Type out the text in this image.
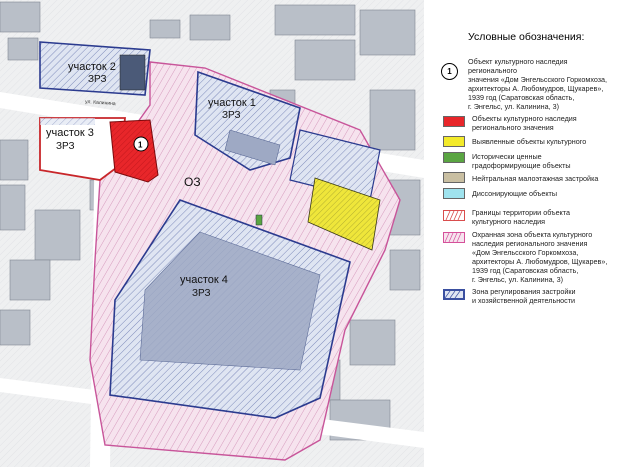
ул. Калинина
участок 2
ЗРЗ
участок 1
ЗРЗ
участок 3
ЗРЗ
участок 4
ЗРЗ
ОЗ
1
Условные обозначения:
1
Объект культурного наследия регионального
значения «Дом Энгельсского Горкомхоза,
архитекторы А. Любомудров, Щукарев»,
1939 год (Саратовская область,
г. Энгельс, ул. Калинина, 3)
Объекты культурного наследия
регионального значения
Выявленные объекты культурного
Исторически ценные
градоформирующие объекты
Нейтральная малоэтажная застройка
Диссонирующие объекты
Границы территории объекта
культурного наследия
Охранная зона объекта культурного
наследия регионального значения
«Дом Энгельсского Горкомхоза,
архитекторы А. Любомудров, Щукарев»,
1939 год (Саратовская область,
г. Энгельс, ул. Калинина, 3)
Зона регулирования застройки
и хозяйственной деятельности
